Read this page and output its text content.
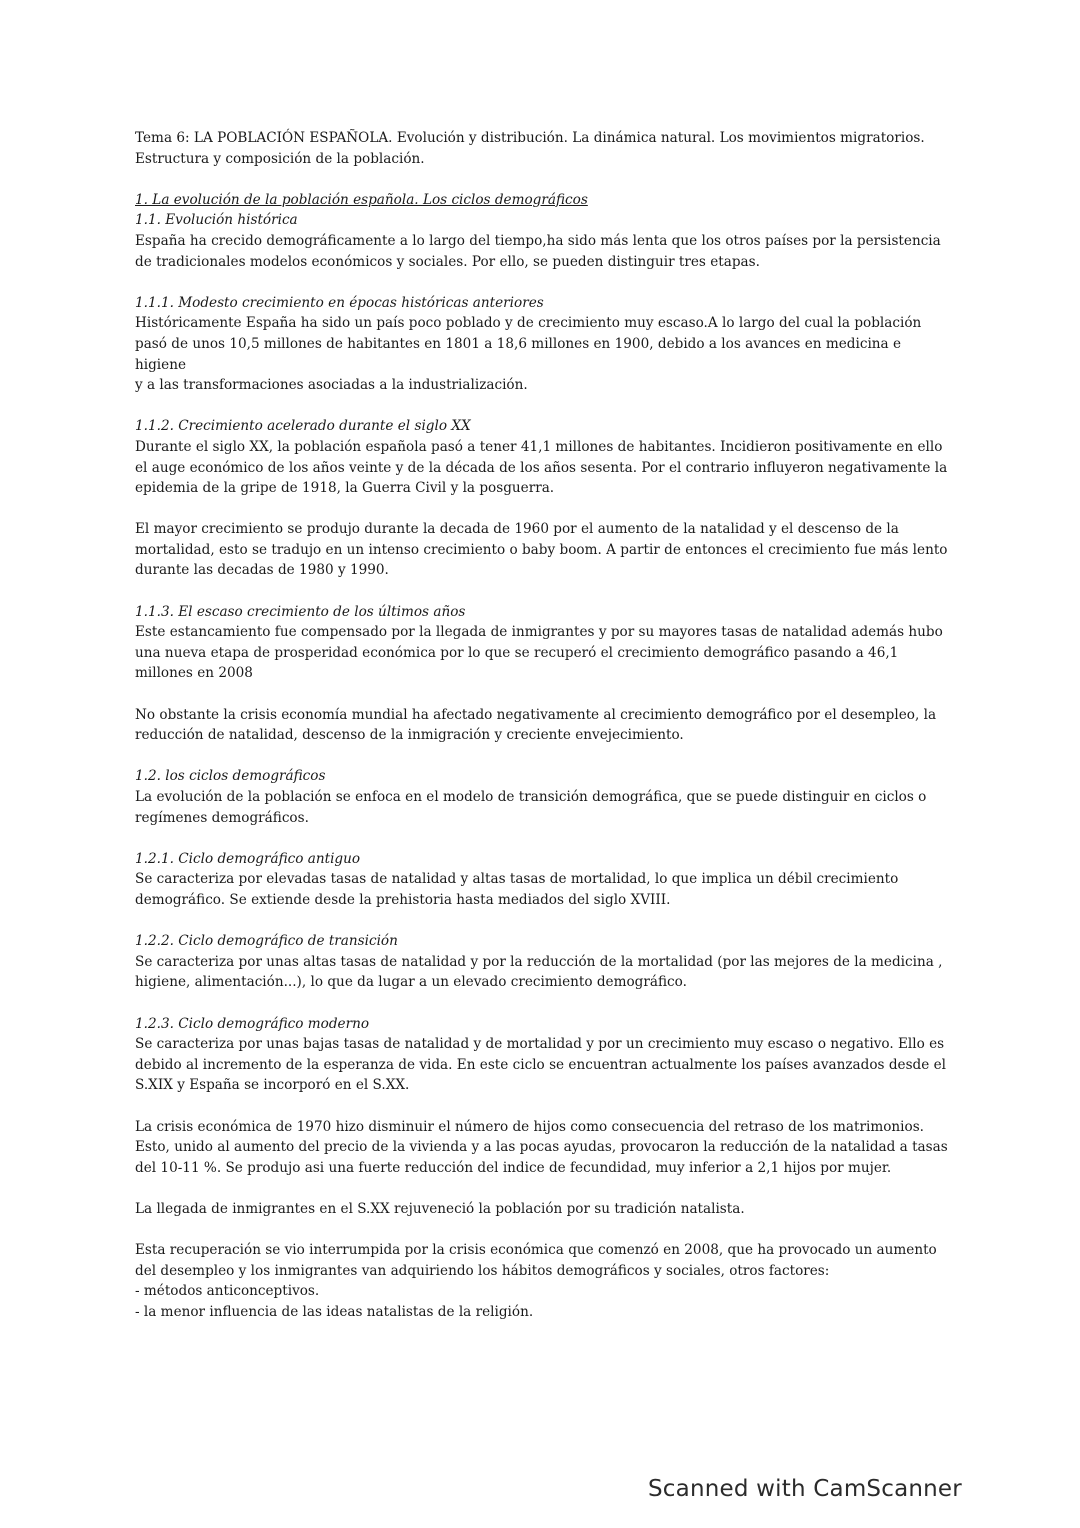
Tema 6: LA POBLACIÓN ESPAÑOLA. Evolución y distribución. La dinámica natural. Los movimientos migratorios.
Estructura y composición de la población.

1. La evolución de la población española. Los ciclos demográficos

1.1. Evolución histórica

España ha crecido demográficamente a lo largo del tiempo,ha sido más lenta que los otros países por la persistencia
de tradicionales modelos económicos y sociales. Por ello, se pueden distinguir tres etapas.

1.1.1. Modesto crecimiento en épocas históricas anteriores

Históricamente España ha sido un país poco poblado y de crecimiento muy escaso.A lo largo del cual la población
pasó de unos 10,5 millones de habitantes en 1801 a 18,6 millones en 1900, debido a los avances en medicina e higiene
y a las transformaciones asociadas a la industrialización.

1.1.2. Crecimiento acelerado durante el siglo XX

Durante el siglo XX, la población española pasó a tener 41,1 millones de habitantes. Incidieron positivamente en ello
el auge económico de los años veinte y de la década de los años sesenta. Por el contrario influyeron negativamente la
epidemia de la gripe de 1918, la Guerra Civil y la posguerra.

El mayor crecimiento se produjo durante la decada de 1960 por el aumento de la natalidad y el descenso de la
mortalidad, esto se tradujo en un intenso crecimiento o baby boom. A partir de entonces el crecimiento fue más lento
durante las decadas de 1980 y 1990.

1.1.3. El escaso crecimiento de los últimos años

Este estancamiento fue compensado por la llegada de inmigrantes y por su mayores tasas de natalidad además hubo
una nueva etapa de prosperidad económica por lo que se recuperó el crecimiento demográfico pasando a 46,1
millones en 2008

No obstante la crisis economía mundial ha afectado negativamente al crecimiento demográfico por el desempleo, la
reducción de natalidad, descenso de la inmigración y creciente envejecimiento.

1.2. los ciclos demográficos

La evolución de la población se enfoca en el modelo de transición demográfica, que se puede distinguir en ciclos o
regímenes demográficos.

1.2.1. Ciclo demográfico antiguo

Se caracteriza por elevadas tasas de natalidad y altas tasas de mortalidad, lo que implica un débil crecimiento
demográfico. Se extiende desde la prehistoria hasta mediados del siglo XVIII.

1.2.2. Ciclo demográfico de transición

Se caracteriza por unas altas tasas de natalidad y por la reducción de la mortalidad (por las mejores de la medicina ,
higiene, alimentación...), lo que da lugar a un elevado crecimiento demográfico.

1.2.3. Ciclo demográfico moderno

Se caracteriza por unas bajas tasas de natalidad y de mortalidad y por un crecimiento muy escaso o negativo. Ello es
debido al incremento de la esperanza de vida. En este ciclo se encuentran actualmente los países avanzados desde el
S.XIX y España se incorporó en el S.XX.

La crisis económica de 1970 hizo disminuir el número de hijos como consecuencia del retraso de los matrimonios.
Esto, unido al aumento del precio de la vivienda y a las pocas ayudas, provocaron la reducción de la natalidad a tasas
del 10-11 %. Se produjo asi una fuerte reducción del indice de fecundidad, muy inferior a 2,1 hijos por mujer.

La llegada de inmigrantes en el S.XX rejuveneció la población por su tradición natalista.

Esta recuperación se vio interrumpida por la crisis económica que comenzó en 2008, que ha provocado un aumento
del desempleo y los inmigrantes van adquiriendo los hábitos demográficos y sociales, otros factores:

- métodos anticonceptivos.

- la menor influencia de las ideas natalistas de la religión.

Scanned with CamScanner
